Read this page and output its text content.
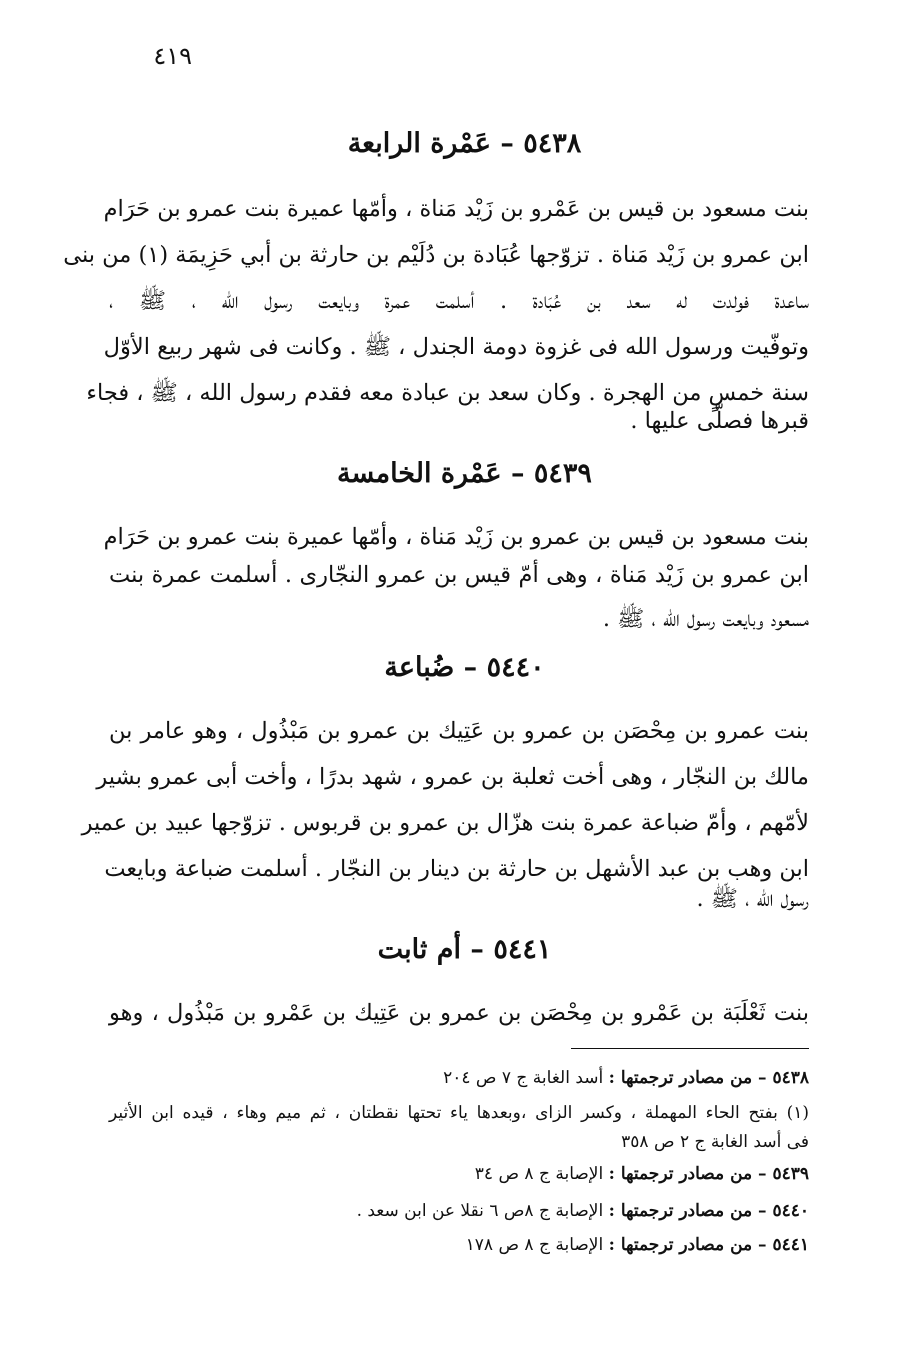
٤١٩
٥٤٣٨ – عَمْرة الرابعة
بنت مسعود بن قيس بن عَمْرو بن زَيْد مَناة ، وأمّها عميرة بنت عمرو بن حَرَام
ابن عمرو بن زَيْد مَناة . تزوّجها عُبَادة بن دُلَيْم بن حارثة بن أبي حَزِيمَة (١) من بنى
ساعدة فولدت له سعد بن عُبَادة . أسلمت عمرة وبايعت رسول الله ، ﷺ ،
وتوفّيت ورسول الله فى غزوة دومة الجندل ، ﷺ . وكانت فى شهر ربيع الأوّل
سنة خمسٍ من الهجرة . وكان سعد بن عبادة معه فقدم رسول الله ، ﷺ ، فجاء
قبرها فصلّى عليها .
٥٤٣٩ – عَمْرة الخامسة
بنت مسعود بن قيس بن عمرو بن زَيْد مَناة ، وأمّها عميرة بنت عمرو بن حَرَام
ابن عمرو بن زَيْد مَناة ، وهى أمّ قيس بن عمرو النجّارى . أسلمت عمرة بنت
مسعود وبايعت رسول الله ، ﷺ .
٥٤٤٠ – ضُباعة
بنت عمرو بن مِحْصَن بن عمرو بن عَتِيك بن عمرو بن مَبْذُول ، وهو عامر بن
مالك بن النجّار ، وهى أخت ثعلبة بن عمرو ، شهد بدرًا ، وأخت أبى عمرو بشير
لأمّهم ، وأمّ ضباعة عمرة بنت هزّال بن عمرو بن قربوس . تزوّجها عبيد بن عمير
ابن وهب بن عبد الأشهل بن حارثة بن دينار بن النجّار . أسلمت ضباعة وبايعت
رسول الله ، ﷺ .
٥٤٤١ – أم ثابت
بنت ثَعْلَبَة بن عَمْرو بن مِحْصَن بن عمرو بن عَتِيك بن عَمْرو بن مَبْذُول ، وهو
٥٤٣٨ – من مصادر ترجمتها : أسد الغابة ج ٧ ص ٢٠٤
(١) بفتح الحاء المهملة ، وكسر الزاى ،وبعدها ياء تحتها نقطتان ، ثم ميم وهاء ، قيده ابن الأثير
فى أسد الغابة ج ٢ ص ٣٥٨
٥٤٣٩ – من مصادر ترجمتها : الإصابة ج ٨ ص ٣٤
٥٤٤٠ – من مصادر ترجمتها : الإصابة ج ٨ص ٦ نقلا عن ابن سعد .
٥٤٤١ – من مصادر ترجمتها : الإصابة ج ٨ ص ١٧٨
